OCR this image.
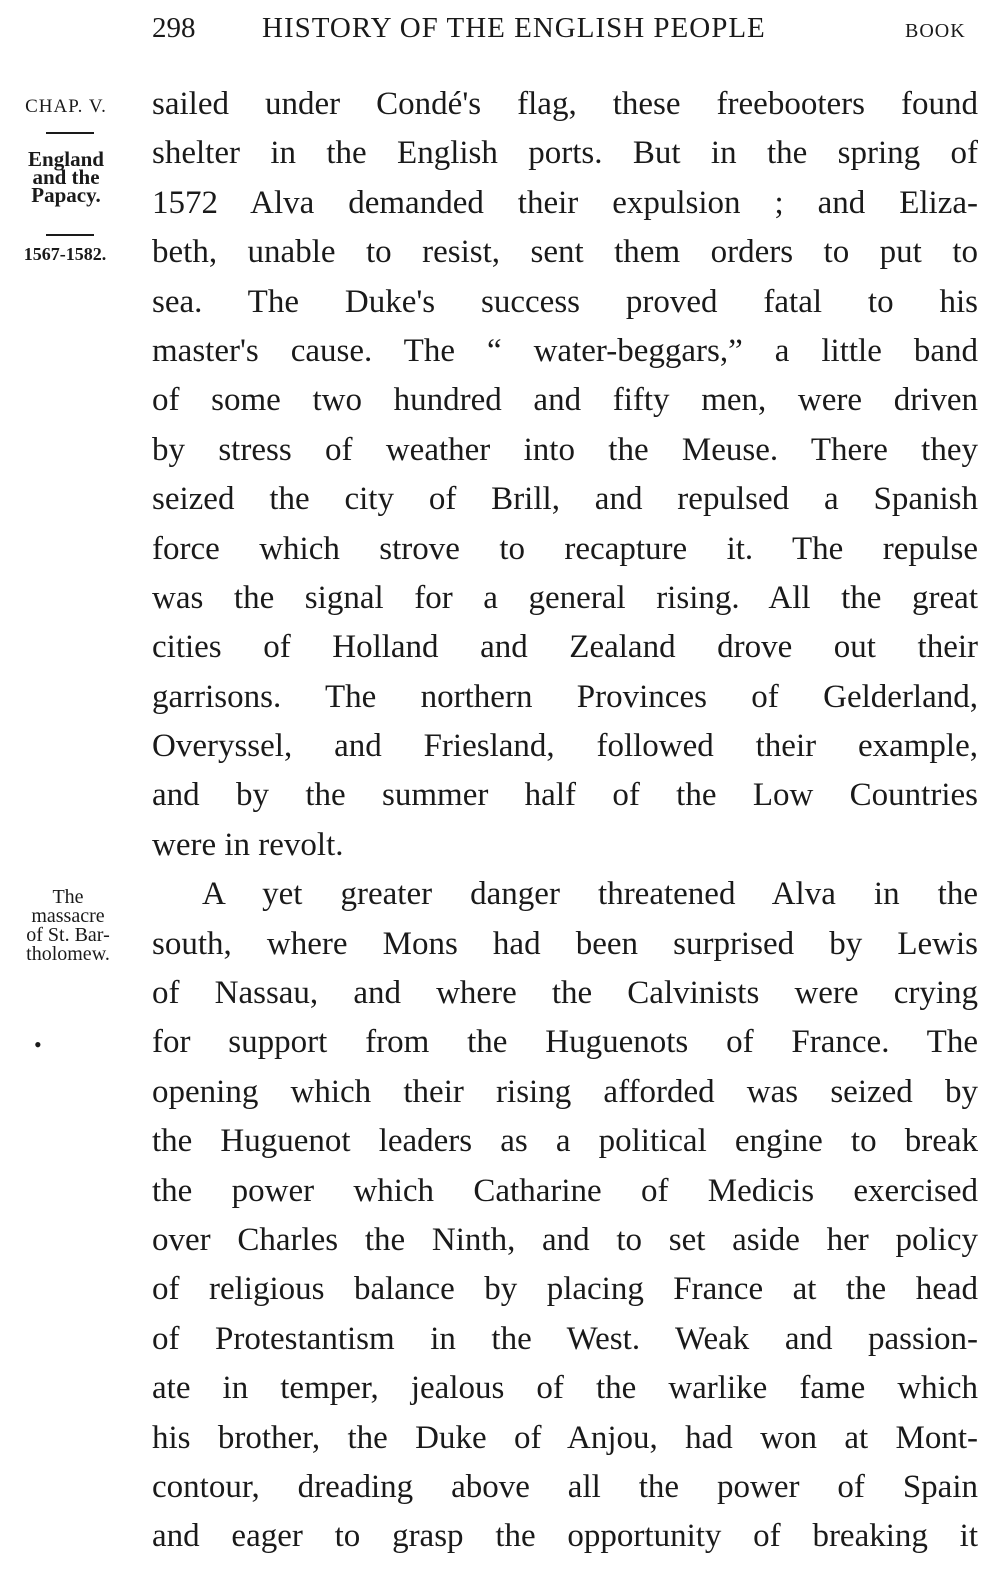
298 HISTORY OF THE ENGLISH PEOPLE	BOOK
CHAP. V.
England
and the
Papacy.
1567-1582.
The
massacre
of St. Bar-
tholomew.
•
sailed under Condé's flag, these freebooters found
shelter in the English ports. But in the spring of
1572 Alva demanded their expulsion ; and Eliza-
beth, unable to resist, sent them orders to put to
sea. The Duke's success proved fatal to his
master's cause. The “ water-beggars,” a little band
of some two hundred and fifty men, were driven
by stress of weather into the Meuse. There they
seized the city of Brill, and repulsed a Spanish
force which strove to recapture it. The repulse
was the signal for a general rising. All the great
cities of Holland and Zealand drove out their
garrisons. The northern Provinces of Gelderland,
Overyssel, and Friesland, followed their example,
and by the summer half of the Low Countries
were in revolt.
A yet greater danger threatened Alva in the
south, where Mons had been surprised by Lewis
of Nassau, and where the Calvinists were crying
for support from the Huguenots of France. The
opening which their rising afforded was seized by
the Huguenot leaders as a political engine to break
the power which Catharine of Medicis exercised
over Charles the Ninth, and to set aside her policy
of religious balance by placing France at the head
of Protestantism in the West. Weak and passion-
ate in temper, jealous of the warlike fame which
his brother, the Duke of Anjou, had won at Mont-
contour, dreading above all the power of Spain
and eager to grasp the opportunity of breaking it
